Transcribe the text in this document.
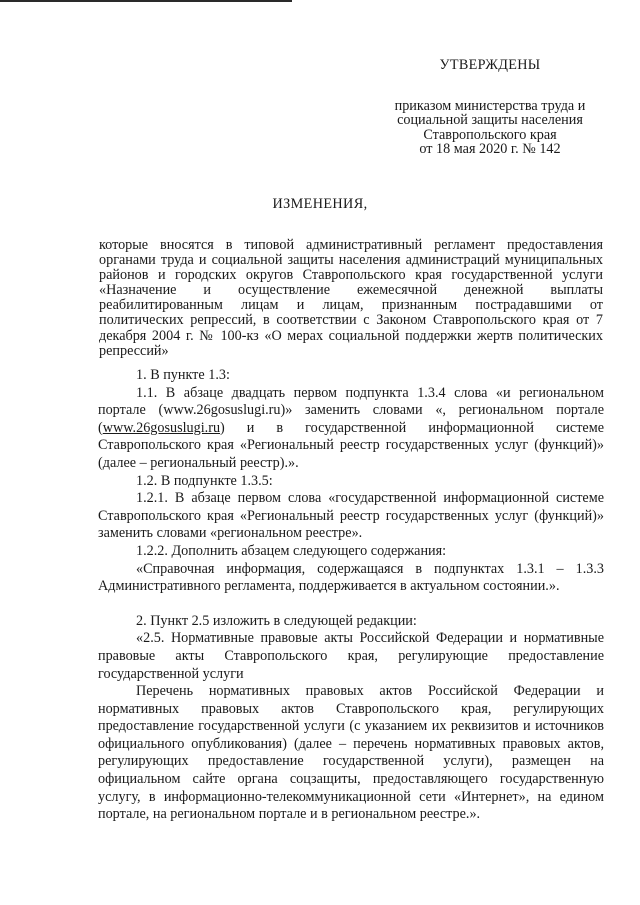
УТВЕРЖДЕНЫ
приказом министерства труда и
социальной защиты населения
Ставропольского края
от 18 мая 2020 г. № 142
ИЗМЕНЕНИЯ,
которые вносятся в типовой административный регламент предоставления органами труда и социальной защиты населения администраций муниципальных районов и городских округов Ставропольского края государственной услуги «Назначение и осуществление ежемесячной денежной выплаты реабилитированным лицам и лицам, признанным пострадавшими от политических репрессий, в соответствии с Законом Ставропольского края от 7 декабря 2004 г. № 100-кз «О мерах социальной поддержки жертв политических репрессий»

1. В пункте 1.3:

1.1. В абзаце двадцать первом подпункта 1.3.4 слова «и региональном портале (www.26gosuslugi.ru)» заменить словами «, региональном портале (www.26gosuslugi.ru) и в государственной информационной системе Ставропольского края «Региональный реестр государственных услуг (функций)» (далее – региональный реестр).».

1.2. В подпункте 1.3.5:

1.2.1. В абзаце первом слова «государственной информационной системе Ставропольского края «Региональный реестр государственных услуг (функций)» заменить словами «региональном реестре».

1.2.2. Дополнить абзацем следующего содержания:

«Справочная информация, содержащаяся в подпунктах 1.3.1 – 1.3.3 Административного регламента, поддерживается в актуальном состоянии.».

2. Пункт 2.5 изложить в следующей редакции:

«2.5. Нормативные правовые акты Российской Федерации и нормативные правовые акты Ставропольского края, регулирующие предоставление государственной услуги

Перечень нормативных правовых актов Российской Федерации и нормативных правовых актов Ставропольского края, регулирующих предоставление государственной услуги (с указанием их реквизитов и источников официального опубликования) (далее – перечень нормативных правовых актов, регулирующих предоставление государственной услуги), размещен на официальном сайте органа соцзащиты, предоставляющего государственную услугу, в информационно-телекоммуникационной сети «Интернет», на едином портале, на региональном портале и в региональном реестре.».
